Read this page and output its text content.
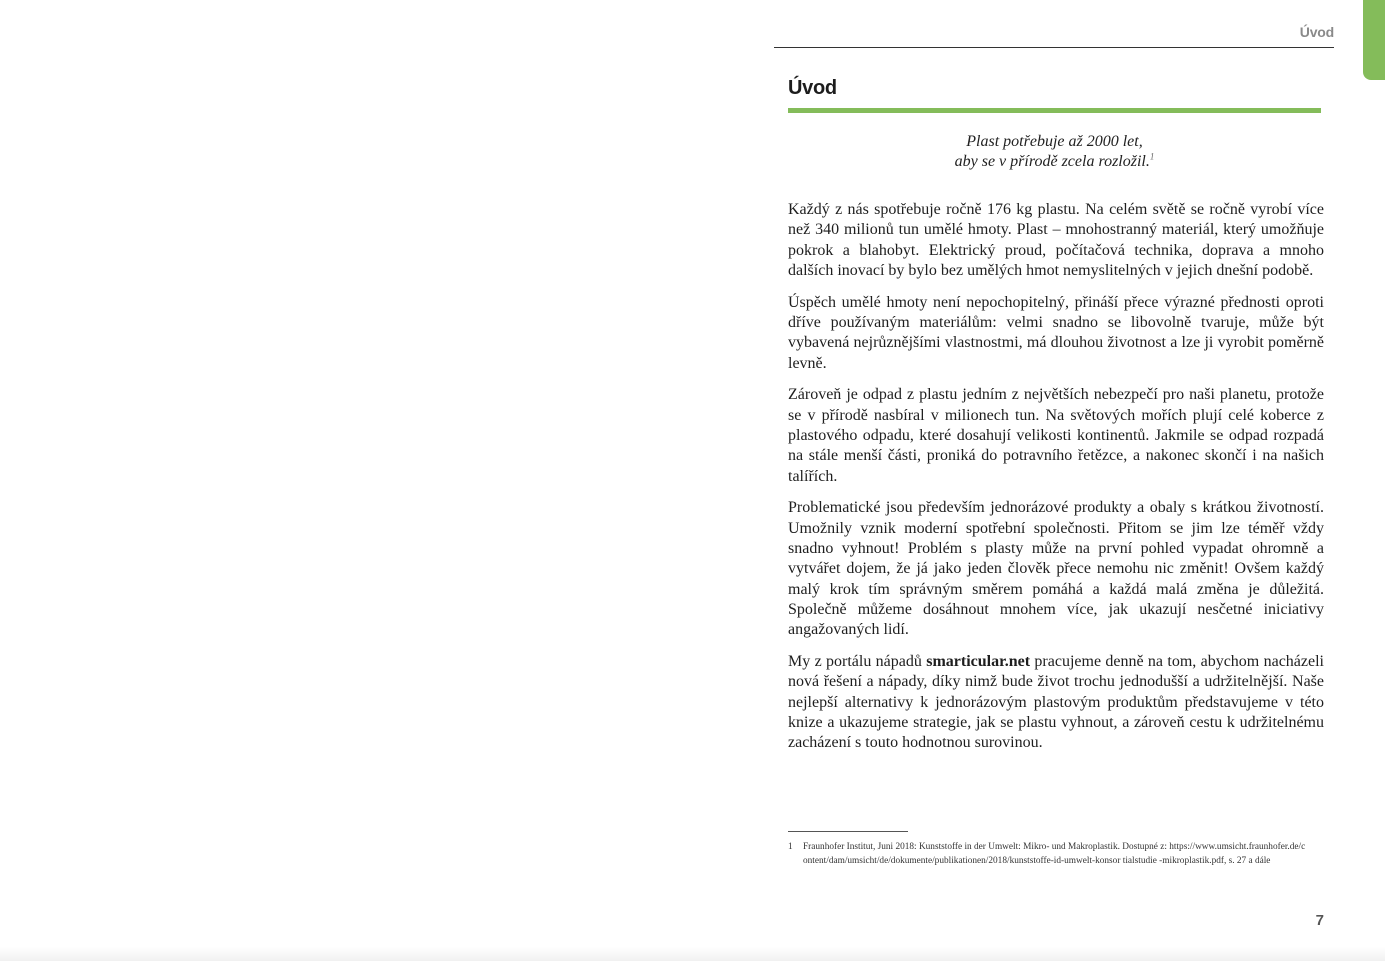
Úvod
Úvod
Plast potřebuje až 2000 let,
aby se v přírodě zcela rozložil.$^1$

Každý z nás spotřebuje ročně 176 kg plastu. Na celém světě se ročně vyrobí více než 340 milionů tun umělé hmoty. Plast – mnohostranný materiál, který umožňuje pokrok a blahobyt. Elektrický proud, počítačová technika, doprava a mnoho dalších inovací by bylo bez umělých hmot nemyslitelných v jejich dnešní podobě.

Úspěch umělé hmoty není nepochopitelný, přináší přece výrazné přednosti oproti dříve používaným materiálům: velmi snadno se libovolně tvaruje, může být vybavená nejrůznějšími vlastnostmi, má dlouhou životnost a lze ji vyrobit poměrně levně.

Zároveň je odpad z plastu jedním z největších nebezpečí pro naši planetu, protože se v přírodě nasbíral v milionech tun. Na světových mořích plují celé koberce z plastového odpadu, které dosahují velikosti kontinentů. Jakmile se odpad rozpadá na stále menší části, proniká do potravního řetězce, a nakonec skončí i na našich talířích.

Problematické jsou především jednorázové produkty a obaly s krátkou životností. Umožnily vznik moderní spotřební společnosti. Přitom se jim lze téměř vždy snadno vyhnout! Problém s plasty může na první pohled vypadat ohromně a vytvářet dojem, že já jako jeden člověk přece nemohu nic změnit! Ovšem každý malý krok tím správným směrem pomáhá a každá malá změna je důležitá. Společně můžeme dosáhnout mnohem více, jak ukazují nesčetné iniciativy angažovaných lidí.

My z portálu nápadů smarticular.net pracujeme denně na tom, abychom nacházeli nová řešení a nápady, díky nimž bude život trochu jednodušší a udržitelnější. Naše nejlepší alternativy k jednorázovým plastovým produktům představujeme v této knize a ukazujeme strategie, jak se plastu vyhnout, a zároveň cestu k udržitelnému zacházení s touto hodnotnou surovinou.

1	Fraunhofer Institut, Juni 2018: Kunststoffe in der Umwelt: Mikro- und Makroplastik. Dostupné z: https://www.umsicht.fraunhofer.de/content/dam/umsicht/de/dokumente/publikationen/2018/kunststoffe-id-umwelt-konsor tialstudie -mikroplastik.pdf, s. 27 a dále
7
